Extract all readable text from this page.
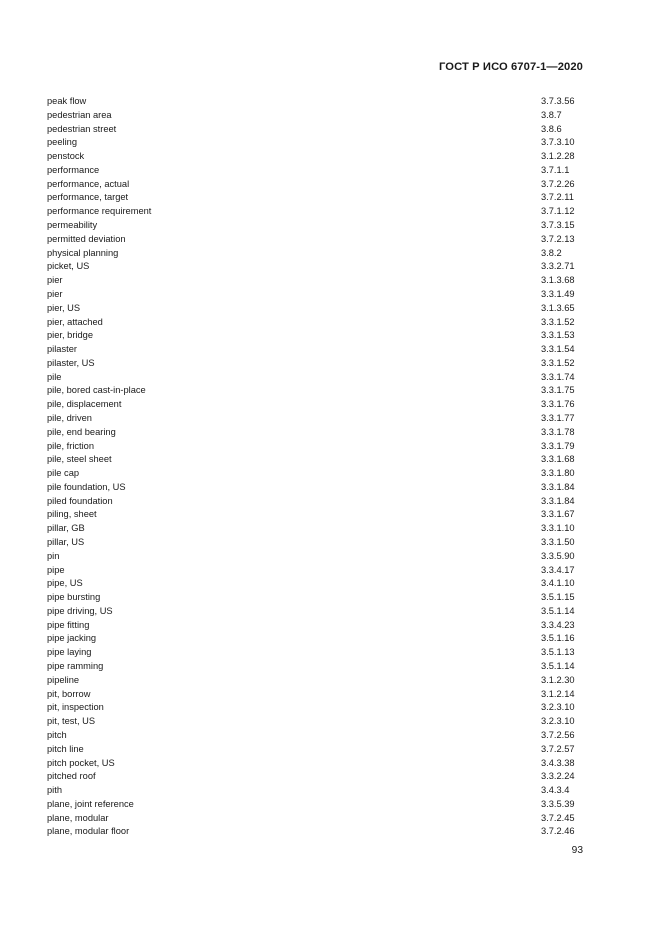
ГОСТ Р ИСО 6707-1—2020
peak flow	3.7.3.56
pedestrian area	3.8.7
pedestrian street	3.8.6
peeling	3.7.3.10
penstock	3.1.2.28
performance	3.7.1.1
performance, actual	3.7.2.26
performance, target	3.7.2.11
performance requirement	3.7.1.12
permeability	3.7.3.15
permitted deviation	3.7.2.13
physical planning	3.8.2
picket, US	3.3.2.71
pier	3.1.3.68
pier	3.3.1.49
pier, US	3.1.3.65
pier, attached	3.3.1.52
pier, bridge	3.3.1.53
pilaster	3.3.1.54
pilaster, US	3.3.1.52
pile	3.3.1.74
pile, bored cast-in-place	3.3.1.75
pile, displacement	3.3.1.76
pile, driven	3.3.1.77
pile, end bearing	3.3.1.78
pile, friction	3.3.1.79
pile, steel sheet	3.3.1.68
pile cap	3.3.1.80
pile foundation, US	3.3.1.84
piled foundation	3.3.1.84
piling, sheet	3.3.1.67
pillar, GB	3.3.1.10
pillar, US	3.3.1.50
pin	3.3.5.90
pipe	3.3.4.17
pipe, US	3.4.1.10
pipe bursting	3.5.1.15
pipe driving, US	3.5.1.14
pipe fitting	3.3.4.23
pipe jacking	3.5.1.16
pipe laying	3.5.1.13
pipe ramming	3.5.1.14
pipeline	3.1.2.30
pit, borrow	3.1.2.14
pit, inspection	3.2.3.10
pit, test, US	3.2.3.10
pitch	3.7.2.56
pitch line	3.7.2.57
pitch pocket, US	3.4.3.38
pitched roof	3.3.2.24
pith	3.4.3.4
plane, joint reference	3.3.5.39
plane, modular	3.7.2.45
plane, modular floor	3.7.2.46
93
